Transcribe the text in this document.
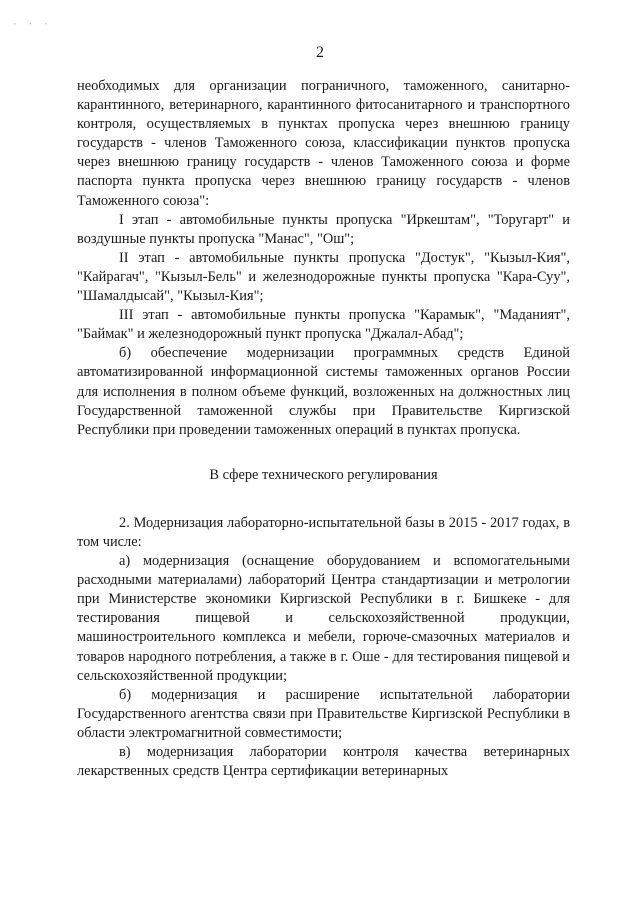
, , ,
2

необходимых для организации пограничного, таможенного, санитарно-карантинного, ветеринарного, карантинного фитосанитарного и транспортного контроля, осуществляемых в пунктах пропуска через внешнюю границу государств - членов Таможенного союза, классификации пунктов пропуска через внешнюю границу государств - членов Таможенного союза и форме паспорта пункта пропуска через внешнюю границу государств - членов Таможенного союза":

I этап - автомобильные пункты пропуска "Иркештам", "Торугарт" и воздушные пункты пропуска "Манас", "Ош";

II этап - автомобильные пункты пропуска "Достук", "Кызыл-Кия", "Кайрагач", "Кызыл-Бель" и железнодорожные пункты пропуска "Кара-Суу", "Шамалдысай", "Кызыл-Кия";

III этап - автомобильные пункты пропуска "Карамык", "Маданият", "Баймак" и железнодорожный пункт пропуска "Джалал-Абад";

б) обеспечение модернизации программных средств Единой автоматизированной информационной системы таможенных органов России для исполнения в полном объеме функций, возложенных на должностных лиц Государственной таможенной службы при Правительстве Киргизской Республики при проведении таможенных операций в пунктах пропуска.

В сфере технического регулирования

2. Модернизация лабораторно-испытательной базы в 2015 - 2017 годах, в том числе:

а) модернизация (оснащение оборудованием и вспомогательными расходными материалами) лабораторий Центра стандартизации и метрологии при Министерстве экономики Киргизской Республики в г. Бишкеке - для тестирования пищевой и сельскохозяйственной продукции, машиностроительного комплекса и мебели, горюче-смазочных материалов и товаров народного потребления, а также в г. Оше - для тестирования пищевой и сельскохозяйственной продукции;

б) модернизация и расширение испытательной лаборатории Государственного агентства связи при Правительстве Киргизской Республики в области электромагнитной совместимости;

в) модернизация лаборатории контроля качества ветеринарных лекарственных средств Центра сертификации ветеринарных
